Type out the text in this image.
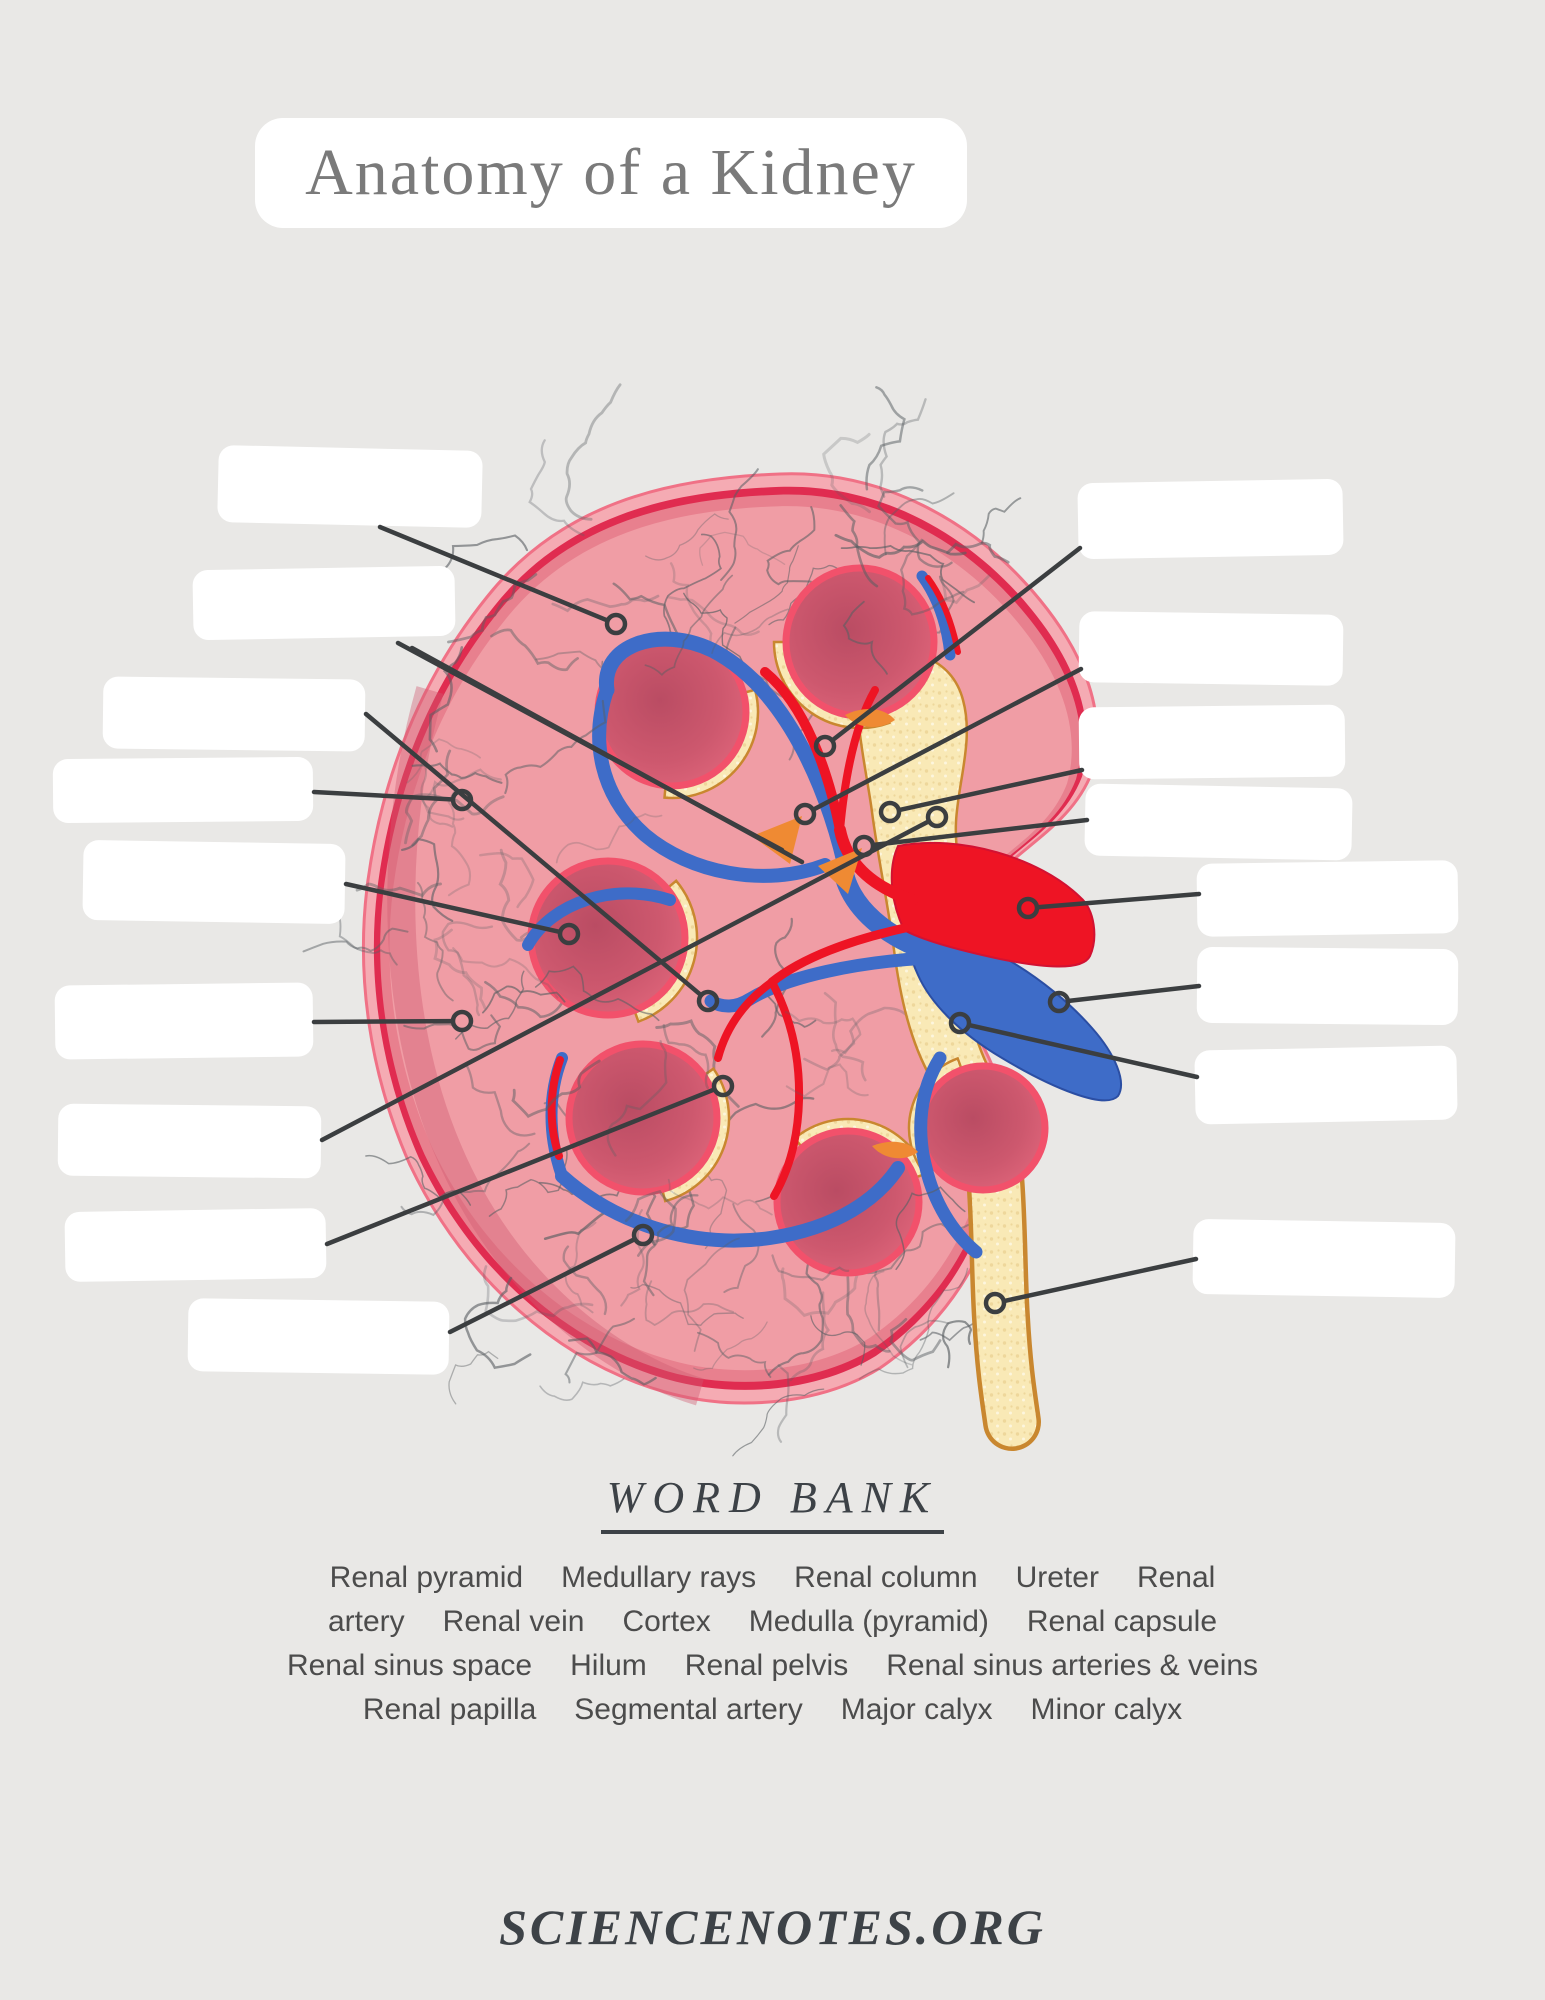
Anatomy of a Kidney
WORD BANK
Renal pyramid Medullary rays Renal column Ureter Renal
artery Renal vein Cortex Medulla (pyramid) Renal capsule
Renal sinus space Hilum Renal pelvis Renal sinus arteries & veins
Renal papilla Segmental artery Major calyx Minor calyx
SCIENCENOTES.ORG
